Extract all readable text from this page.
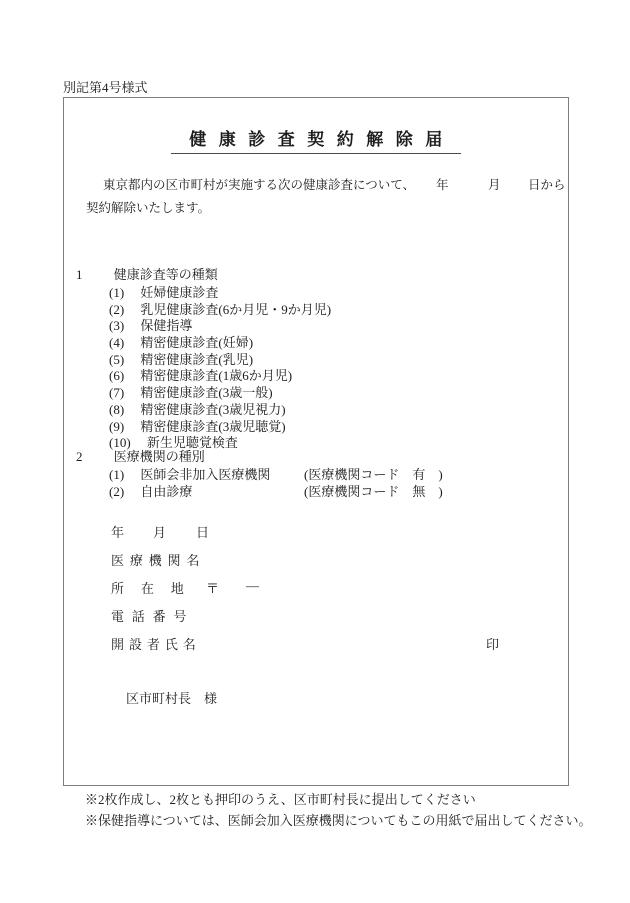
別記第4号様式
健康診査契約解除届
東京都内の区市町村が実施する次の健康診査について、 年	月 日から
契約解除いたします。
1 健康診査等の種類
(1) 妊婦健康診査
(2) 乳児健康診査(6か月児・9か月児)
(3) 保健指導
(4) 精密健康診査(妊婦)
(5) 精密健康診査(乳児)
(6) 精密健康診査(1歳6か月児)
(7) 精密健康診査(3歳一般)
(8) 精密健康診査(3歳児視力)
(9) 精密健康診査(3歳児聴覚)
(10) 新生児聴覚検査
2 医療機関の種別
(1) 医師会非加入医療機関	(医療機関コード　有　)
(2) 自由診療	(医療機関コード　無　)
年 月 日
医療機関名
所在地 〒 ―
電話番号
開設者氏名	印
区市町村長　様
※2枚作成し、2枚とも押印のうえ、区市町村長に提出してください
※保健指導については、医師会加入医療機関についてもこの用紙で届出してください。
